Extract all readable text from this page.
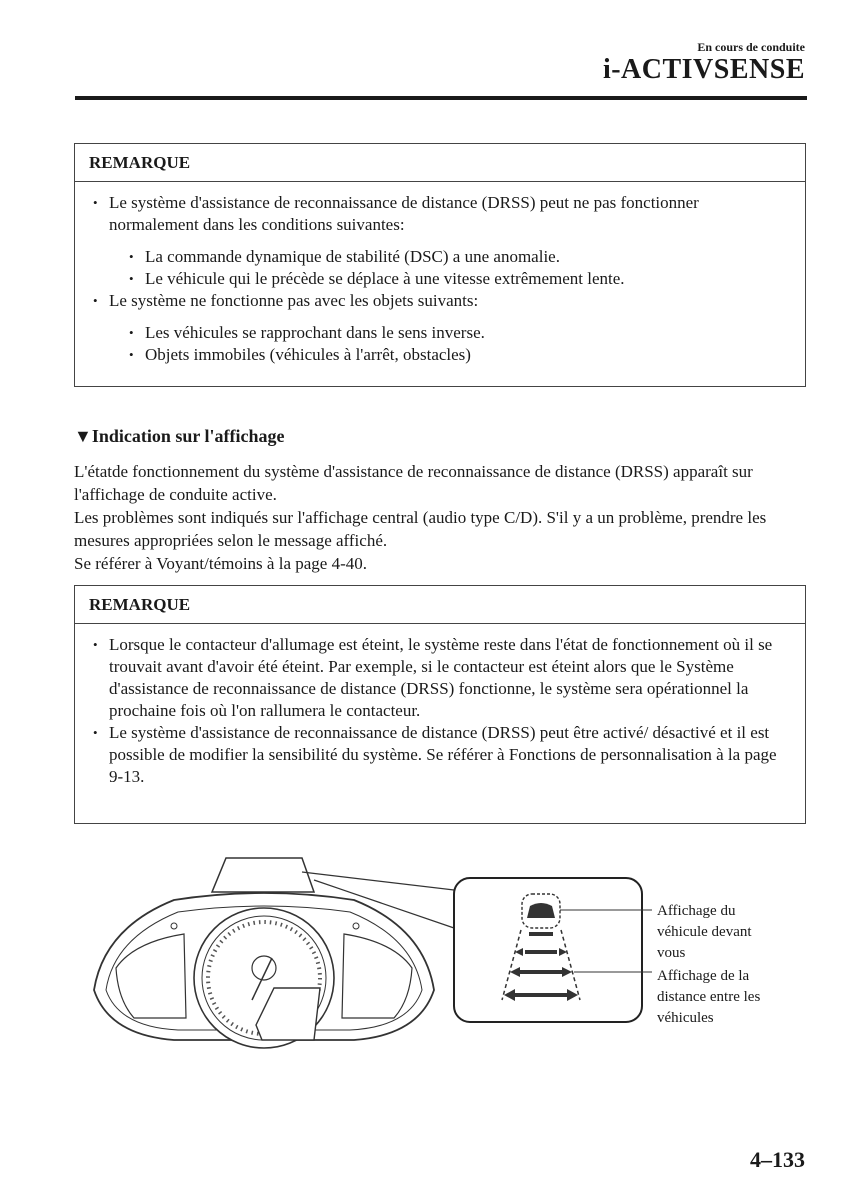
En cours de conduite
i-ACTIVSENSE
REMARQUE
• Le système d'assistance de reconnaissance de distance (DRSS) peut ne pas fonctionner normalement dans les conditions suivantes:
• La commande dynamique de stabilité (DSC) a une anomalie.
• Le véhicule qui le précède se déplace à une vitesse extrêmement lente.
• Le système ne fonctionne pas avec les objets suivants:
• Les véhicules se rapprochant dans le sens inverse.
• Objets immobiles (véhicules à l'arrêt, obstacles)
▼Indication sur l'affichage

L'étatde fonctionnement du système d'assistance de reconnaissance de distance (DRSS) apparaît sur l'affichage de conduite active.

Les problèmes sont indiqués sur l'affichage central (audio type C/D). S'il y a un problème, prendre les mesures appropriées selon le message affiché.

Se référer à Voyant/témoins à la page 4-40.

REMARQUE
• Lorsque le contacteur d'allumage est éteint, le système reste dans l'état de fonctionnement où il se trouvait avant d'avoir été éteint. Par exemple, si le contacteur est éteint alors que le Système d'assistance de reconnaissance de distance (DRSS) fonctionne, le système sera opérationnel la prochaine fois où l'on rallumera le contacteur.
• Le système d'assistance de reconnaissance de distance (DRSS) peut être activé/ désactivé et il est possible de modifier la sensibilité du système. Se référer à Fonctions de personnalisation à la page 9-13.
Affichage du
véhicule devant
vous
Affichage de la
distance entre les
véhicules
4–133
